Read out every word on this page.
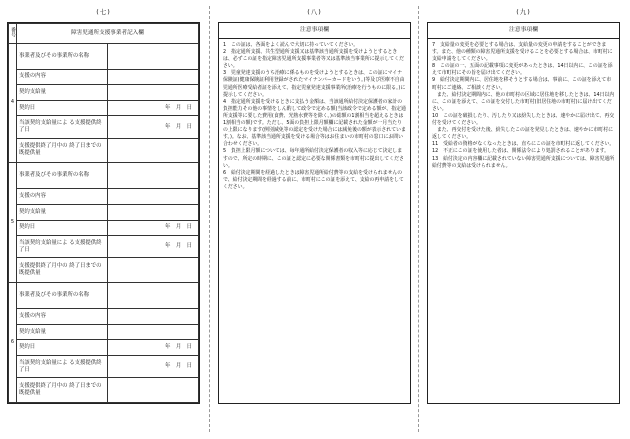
(七)	(八)	(九)
番号	障害児通所支援事業者記入欄	
4	事業者及びその事業所の名称	
	支援の内容	
	契約支給量	
	契約日	年　月　日
	当該契約支給量によ る支援提供終了日	年　月　日
	支援提供終了月中の 終了日までの既提供量	
5	事業者及びその事業所の名称	
	支援の内容	
	契約支給量	
	契約日	年　月　日
	当該契約支給量によ る支援提供終了日	年　月　日
	支援提供終了月中の 終了日までの既提供量	
6	事業者及びその事業所の名称	
	支援の内容	
	契約支給量	
	契約日	年　月　日
	当該契約支給量によ る支援提供終了日	年　月　日
	支援提供終了月中の 終了日までの既提供量	
注意事項欄

1　この証は、各面をよく読んで大切に持っていてください。

2　指定通所支援、共生型通所支援又は基準該当通所支援を受けようとするときは、必ずこの証を指定障害児通所支援事業者等又は基準該当事業所に提示してください。

3　児童発達支援のうち治療に係るものを受けようとするときは、この証にマイナ保険証(健康保険証利用登録がされたマイナンバーカードをいう。)等及び医療不自由児通所医療受給者証を添えて、指定児童発達支援事業所(治療を行うものに限る。)に提示してください。

4　指定通所支援を受けるときに支払う金額は、当該通所給付決定保護者の家計の負担能力その他の事情をしん酌して政令で定める額(当該政令で定める額が、指定通所支援等に要した費用(食費、光熱水費等を除く。)の総額の1割相当を超えるときは1割相当の額)です。ただし、5面の負担上限月額欄に記載された金額が一月当たりの上限になります(例別減免等の認定を受けた場合には減免後の額が表示されています。)。なお、基準該当通所支援を受ける場合等はお住まいの市町村の窓口にお問い合わせください。

5　負担上限月額については、毎年通所給付決定保護者の収入等に応じて決定しますので、所定の時期に、この証と認定に必要な関係書類を市町村に提出してください。

6　給付決定期間を経過したときは障害児通所給付費等の支給を受けられませんので、給付決定期間を経過する前に、市町村にこの証を添えて、支給の再申請をしてください。

注意事項欄

7　支給量の変更を必要とする場合は、支給量の変更の申請をすることができます。また、他の種類の障害児通所支援を受けることを必要とする場合は、市町村に支給申請をしてください。

8　この証の一、五面の記載事項に変更があったときは、14日以内に、この証を添えて市町村にその旨を届け出てください。

9　給付決定期間内に、居住地を移そうとする場合は、事前に、この証を添えて市町村にご連絡、ご相談ください。

　また、給付決定期間内に、他の市町村の区域に居住地を移したときは、14日以内に、この証を添えて、この証を交付した市町村(旧居住地の市町村)に届け出てください。

10　この証を破損したり、汚したり又は紛失したときは、速やかに届け出て、再交付を受けてください。

　また、再交付を受けた後、紛失したこの証を発見したときは、速やかに市町村に返してください。

11　受給者の資格がなくなったときは、直ちにこの証を市町村に返してください。

12　不正にこの証を使用した者は、関係法令により処罰されることがあります。

13　給付決定の内容欄に記載されていない障害児通所支援については、障害児通所給付費等の支給は受けられません。
